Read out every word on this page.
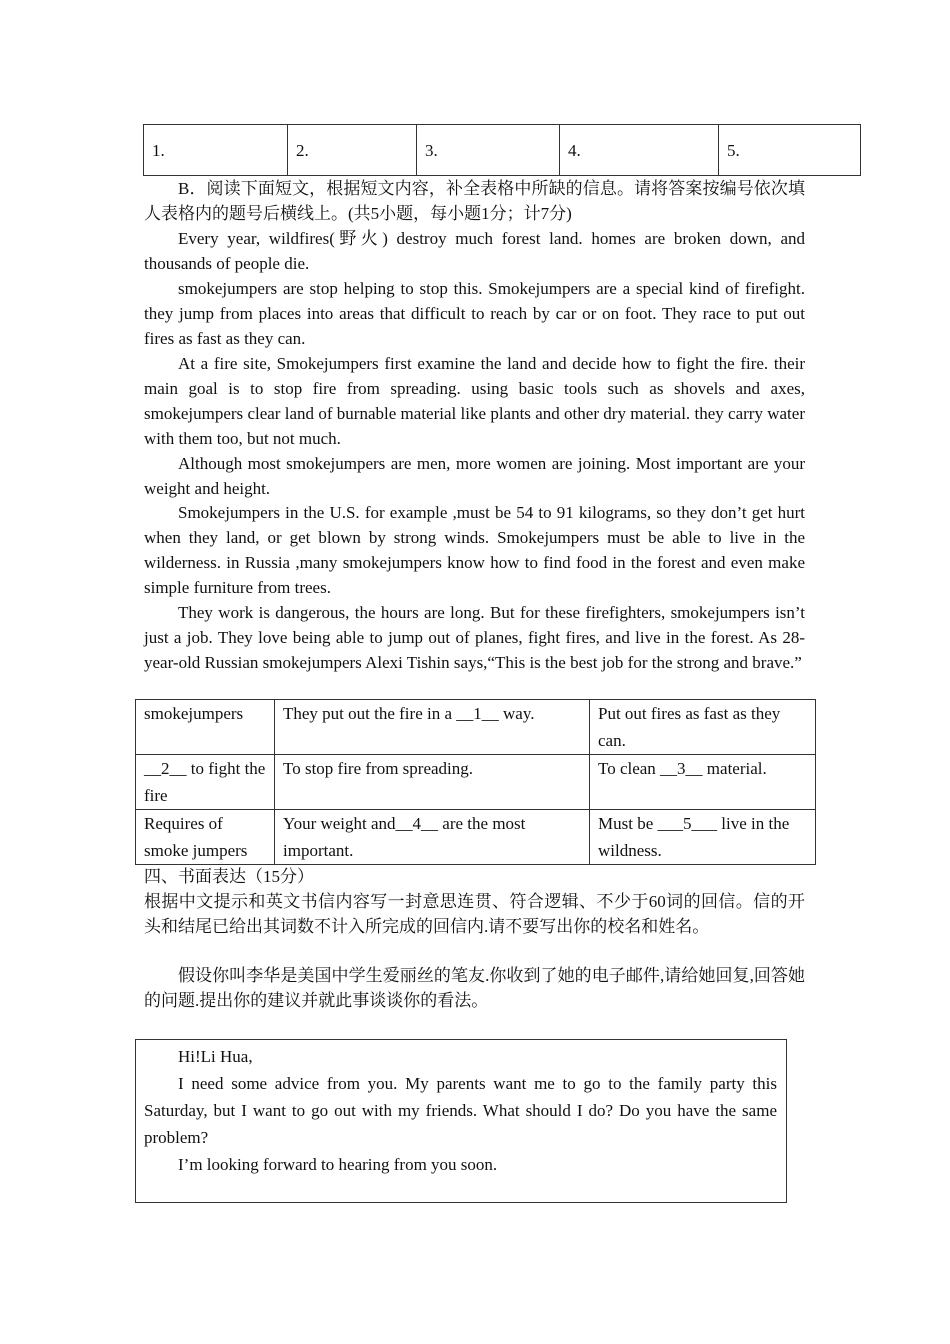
1.	2.	3.	4.	5.

B．阅读下面短文，根据短文内容，补全表格中所缺的信息。请将答案按编号依次填人表格内的题号后横线上。(共5小题，每小题1分；计7分)

Every year, wildfires(野火) destroy much forest land. homes are broken down, and thousands of people die.

smokejumpers are stop helping to stop this. Smokejumpers are a special kind of firefight. they jump from places into areas that difficult to reach by car or on foot. They race to put out fires as fast as they can.

At a fire site, Smokejumpers first examine the land and decide how to fight the fire. their main goal is to stop fire from spreading. using basic tools such as shovels and axes, smokejumpers clear land of burnable material like plants and other dry material. they carry water with them too, but not much.

Although most smokejumpers are men, more women are joining. Most important are your weight and height.

Smokejumpers in the U.S. for example ,must be 54 to 91 kilograms, so they don’t get hurt when they land, or get blown by strong winds. Smokejumpers must be able to live in the wilderness. in Russia ,many smokejumpers know how to find food in the forest and even make simple furniture from trees.

They work is dangerous, the hours are long. But for these firefighters, smokejumpers isn’t just a job. They love being able to jump out of planes, fight fires, and live in the forest. As 28-year-old Russian smokejumpers Alexi Tishin says,“This is the best job for the strong and brave.”

smokejumpers	They put out the fire in a __1__ way.	Put out fires as fast as they can.
__2__ to fight the fire	To stop fire from spreading.	To clean __3__ material.
Requires of smoke jumpers	Your weight and__4__ are the most important.	Must be ___5___ live in the wildness.

四、书面表达（15分）

根据中文提示和英文书信内容写一封意思连贯、符合逻辑、不少于60词的回信。信的开头和结尾已给出其词数不计入所完成的回信内.请不要写出你的校名和姓名。

假设你叫李华是美国中学生爱丽丝的笔友.你收到了她的电子邮件,请给她回复,回答她的问题.提出你的建议并就此事谈谈你的看法。

Hi!Li Hua,

I need some advice from you. My parents want me to go to the family party this Saturday, but I want to go out with my friends. What should I do? Do you have the same problem?

I’m looking forward to hearing from you soon.
